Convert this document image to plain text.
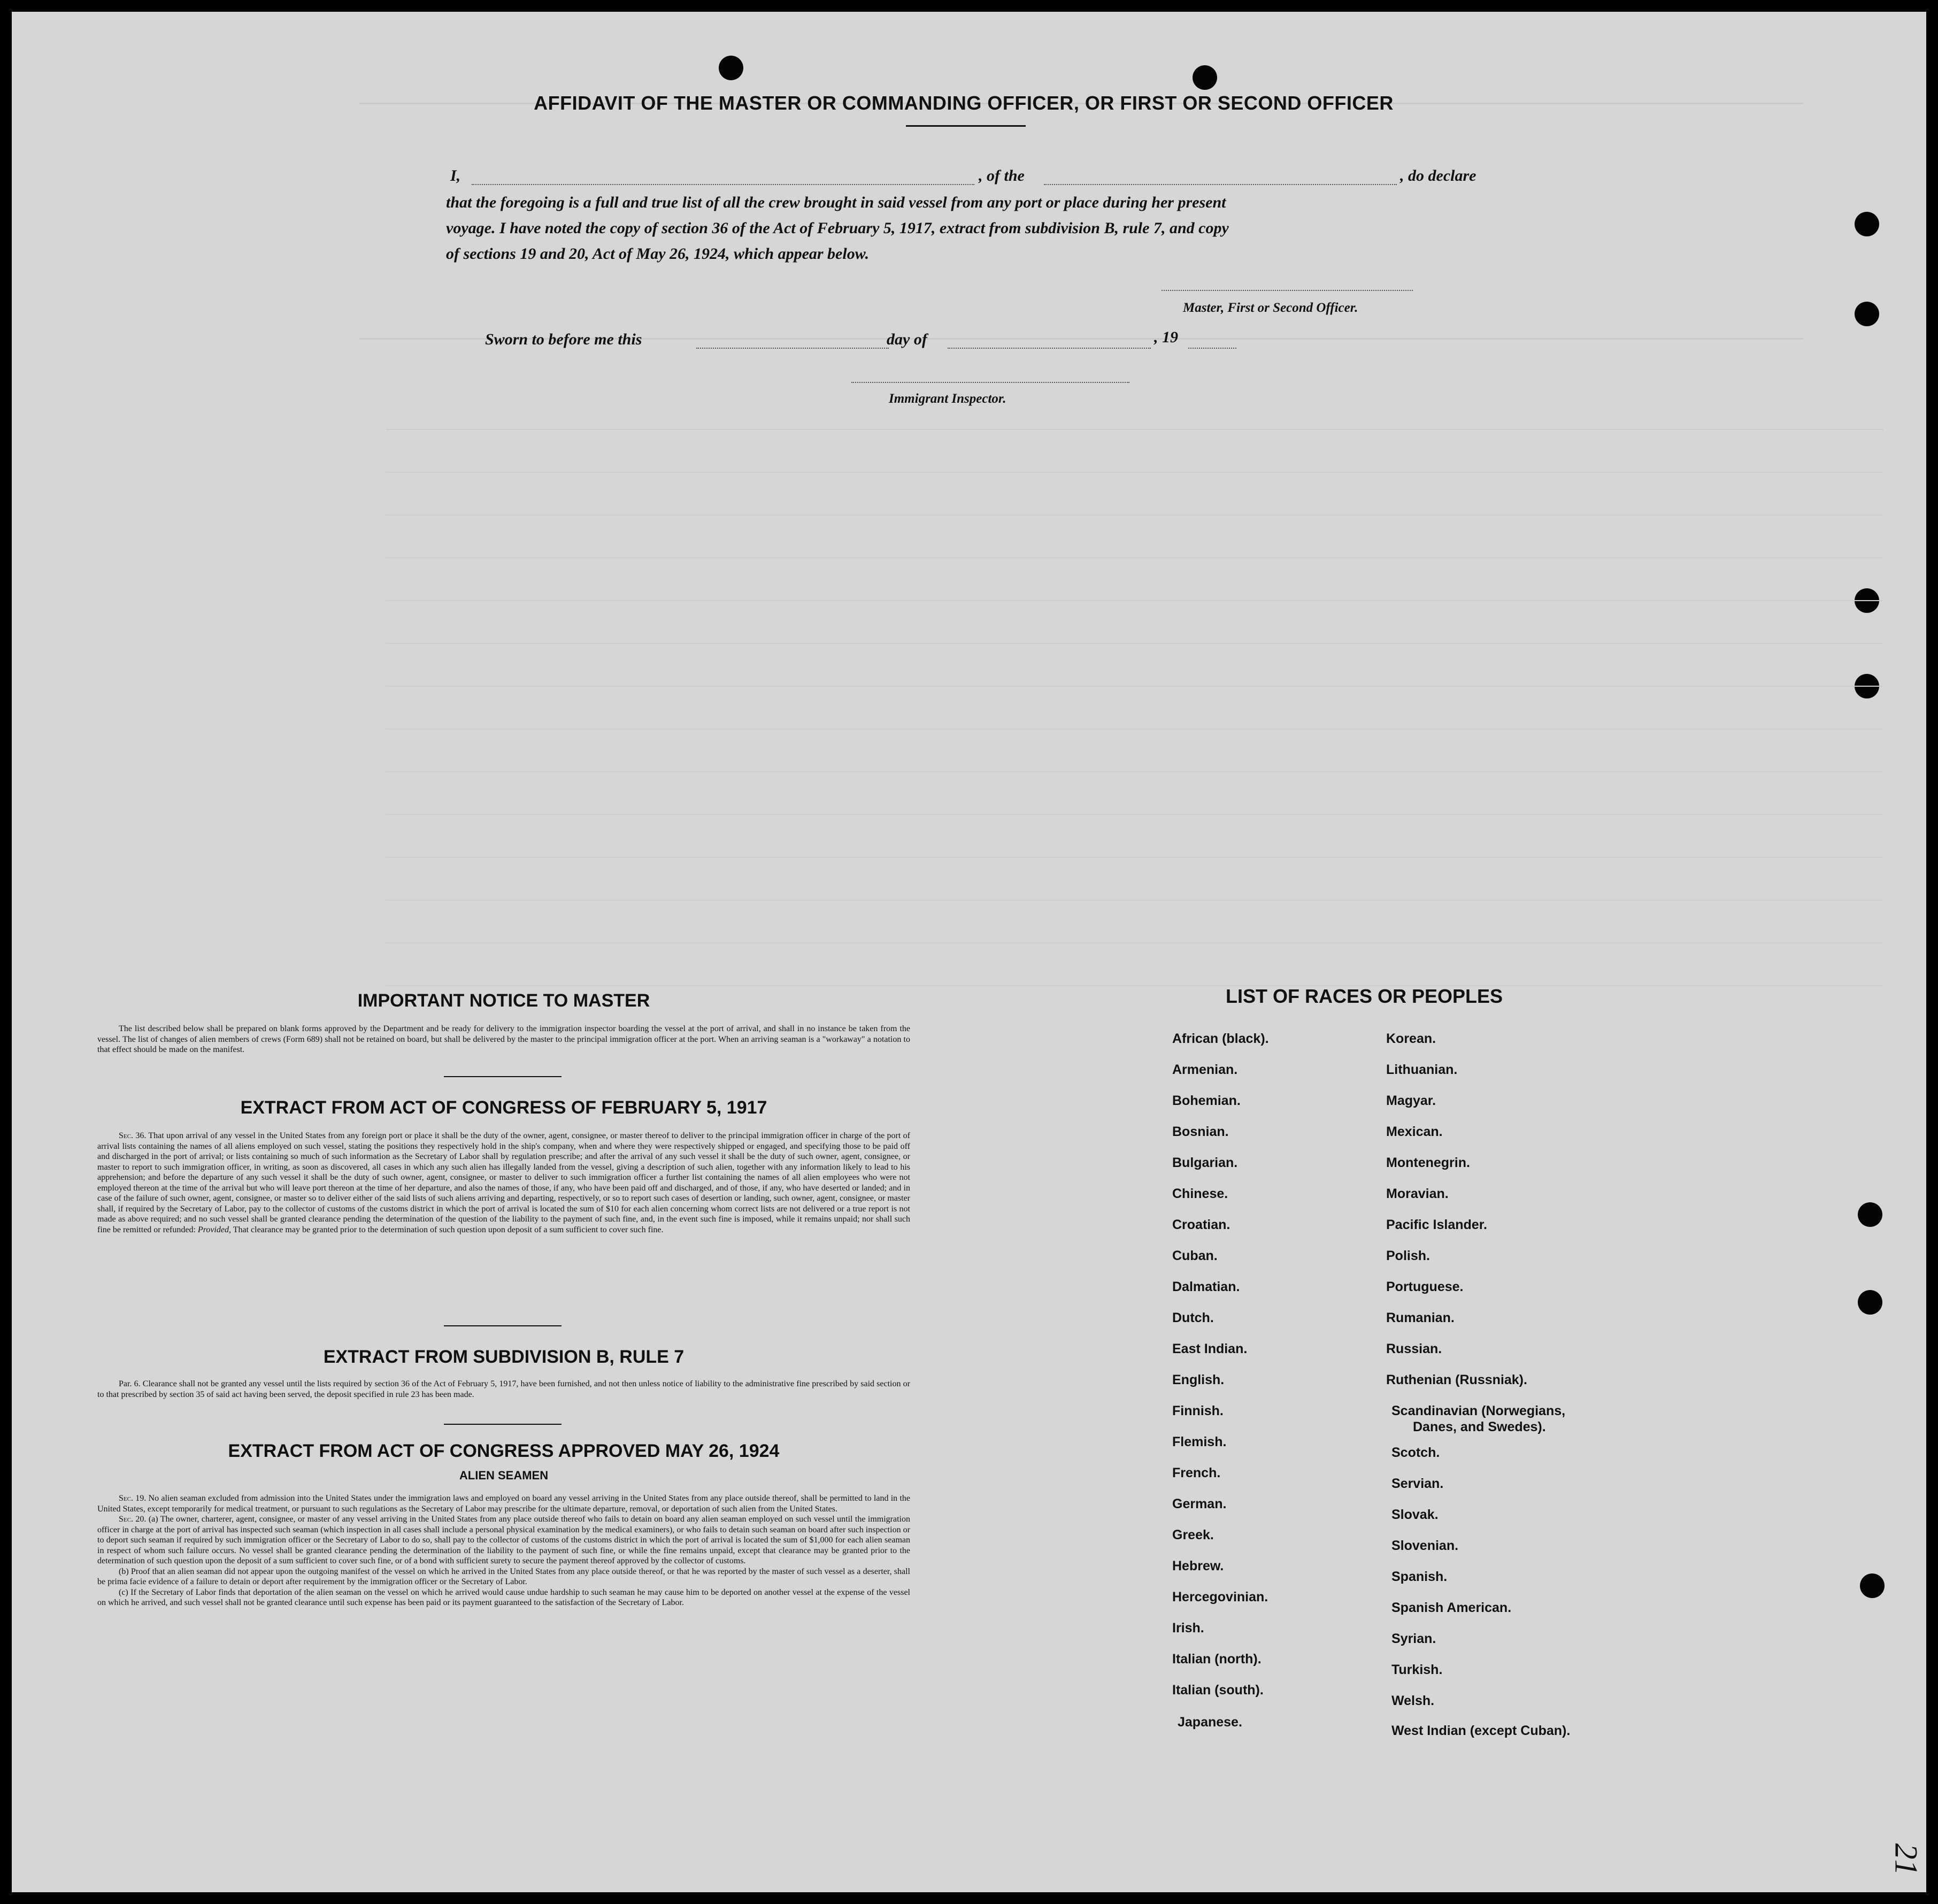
AFFIDAVIT OF THE MASTER OR COMMANDING OFFICER, OR FIRST OR SECOND OFFICER
I,	, of the	, do declare
that the foregoing is a full and true list of all the crew brought in said vessel from any port or place during her present
voyage. I have noted the copy of section 36 of the Act of February 5, 1917, extract from subdivision B, rule 7, and copy
of sections 19 and 20, Act of May 26, 1924, which appear below.
Master, First or Second Officer.
Sworn to before me this	day of	, 19
Immigrant Inspector.
IMPORTANT NOTICE TO MASTER
The list described below shall be prepared on blank forms approved by the Department and be ready for delivery to the immigration inspector boarding the vessel at the port of arrival, and shall in no instance be taken from the vessel. The list of changes of alien members of crews (Form 689) shall not be retained on board, but shall be delivered by the master to the principal immigration officer at the port. When an arriving seaman is a "workaway" a notation to that effect should be made on the manifest.
EXTRACT FROM ACT OF CONGRESS OF FEBRUARY 5, 1917
Sec. 36. That upon arrival of any vessel in the United States from any foreign port or place it shall be the duty of the owner, agent, consignee, or master thereof to deliver to the principal immigration officer in charge of the port of arrival lists containing the names of all aliens employed on such vessel, stating the positions they respectively hold in the ship's company, when and where they were respectively shipped or engaged, and specifying those to be paid off and discharged in the port of arrival; or lists containing so much of such information as the Secretary of Labor shall by regulation prescribe; and after the arrival of any such vessel it shall be the duty of such owner, agent, consignee, or master to report to such immigration officer, in writing, as soon as discovered, all cases in which any such alien has illegally landed from the vessel, giving a description of such alien, together with any information likely to lead to his apprehension; and before the departure of any such vessel it shall be the duty of such owner, agent, consignee, or master to deliver to such immigration officer a further list containing the names of all alien employees who were not employed thereon at the time of the arrival but who will leave port thereon at the time of her departure, and also the names of those, if any, who have been paid off and discharged, and of those, if any, who have deserted or landed; and in case of the failure of such owner, agent, consignee, or master so to deliver either of the said lists of such aliens arriving and departing, respectively, or so to report such cases of desertion or landing, such owner, agent, consignee, or master shall, if required by the Secretary of Labor, pay to the collector of customs of the customs district in which the port of arrival is located the sum of $10 for each alien concerning whom correct lists are not delivered or a true report is not made as above required; and no such vessel shall be granted clearance pending the determination of the question of the liability to the payment of such fine, and, in the event such fine is imposed, while it remains unpaid; nor shall such fine be remitted or refunded: Provided, That clearance may be granted prior to the determination of such question upon deposit of a sum sufficient to cover such fine.
EXTRACT FROM SUBDIVISION B, RULE 7
Par. 6. Clearance shall not be granted any vessel until the lists required by section 36 of the Act of February 5, 1917, have been furnished, and not then unless notice of liability to the administrative fine prescribed by said section or to that prescribed by section 35 of said act having been served, the deposit specified in rule 23 has been made.
EXTRACT FROM ACT OF CONGRESS APPROVED MAY 26, 1924
ALIEN SEAMEN
Sec. 19. No alien seaman excluded from admission into the United States under the immigration laws and employed on board any vessel arriving in the United States from any place outside thereof, shall be permitted to land in the United States, except temporarily for medical treatment, or pursuant to such regulations as the Secretary of Labor may prescribe for the ultimate departure, removal, or deportation of such alien from the United States.
Sec. 20. (a) The owner, charterer, agent, consignee, or master of any vessel arriving in the United States from any place outside thereof who fails to detain on board any alien seaman employed on such vessel until the immigration officer in charge at the port of arrival has inspected such seaman (which inspection in all cases shall include a personal physical examination by the medical examiners), or who fails to detain such seaman on board after such inspection or to deport such seaman if required by such immigration officer or the Secretary of Labor to do so, shall pay to the collector of customs of the customs district in which the port of arrival is located the sum of $1,000 for each alien seaman in respect of whom such failure occurs. No vessel shall be granted clearance pending the determination of the liability to the payment of such fine, or while the fine remains unpaid, except that clearance may be granted prior to the determination of such question upon the deposit of a sum sufficient to cover such fine, or of a bond with sufficient surety to secure the payment thereof approved by the collector of customs.
(b) Proof that an alien seaman did not appear upon the outgoing manifest of the vessel on which he arrived in the United States from any place outside thereof, or that he was reported by the master of such vessel as a deserter, shall be prima facie evidence of a failure to detain or deport after requirement by the immigration officer or the Secretary of Labor.
(c) If the Secretary of Labor finds that deportation of the alien seaman on the vessel on which he arrived would cause undue hardship to such seaman he may cause him to be deported on another vessel at the expense of the vessel on which he arrived, and such vessel shall not be granted clearance until such expense has been paid or its payment guaranteed to the satisfaction of the Secretary of Labor.
LIST OF RACES OR PEOPLES
African (black).
Armenian.
Bohemian.
Bosnian.
Bulgarian.
Chinese.
Croatian.
Cuban.
Dalmatian.
Dutch.
East Indian.
English.
Finnish.
Flemish.
French.
German.
Greek.
Hebrew.
Hercegovinian.
Irish.
Italian (north).
Italian (south).
Japanese.
Korean.
Lithuanian.
Magyar.
Mexican.
Montenegrin.
Moravian.
Pacific Islander.
Polish.
Portuguese.
Rumanian.
Russian.
Ruthenian (Russniak).
Scandinavian (Norwegians,
Danes, and Swedes).
Scotch.
Servian.
Slovak.
Slovenian.
Spanish.
Spanish American.
Syrian.
Turkish.
Welsh.
West Indian (except Cuban).
21
